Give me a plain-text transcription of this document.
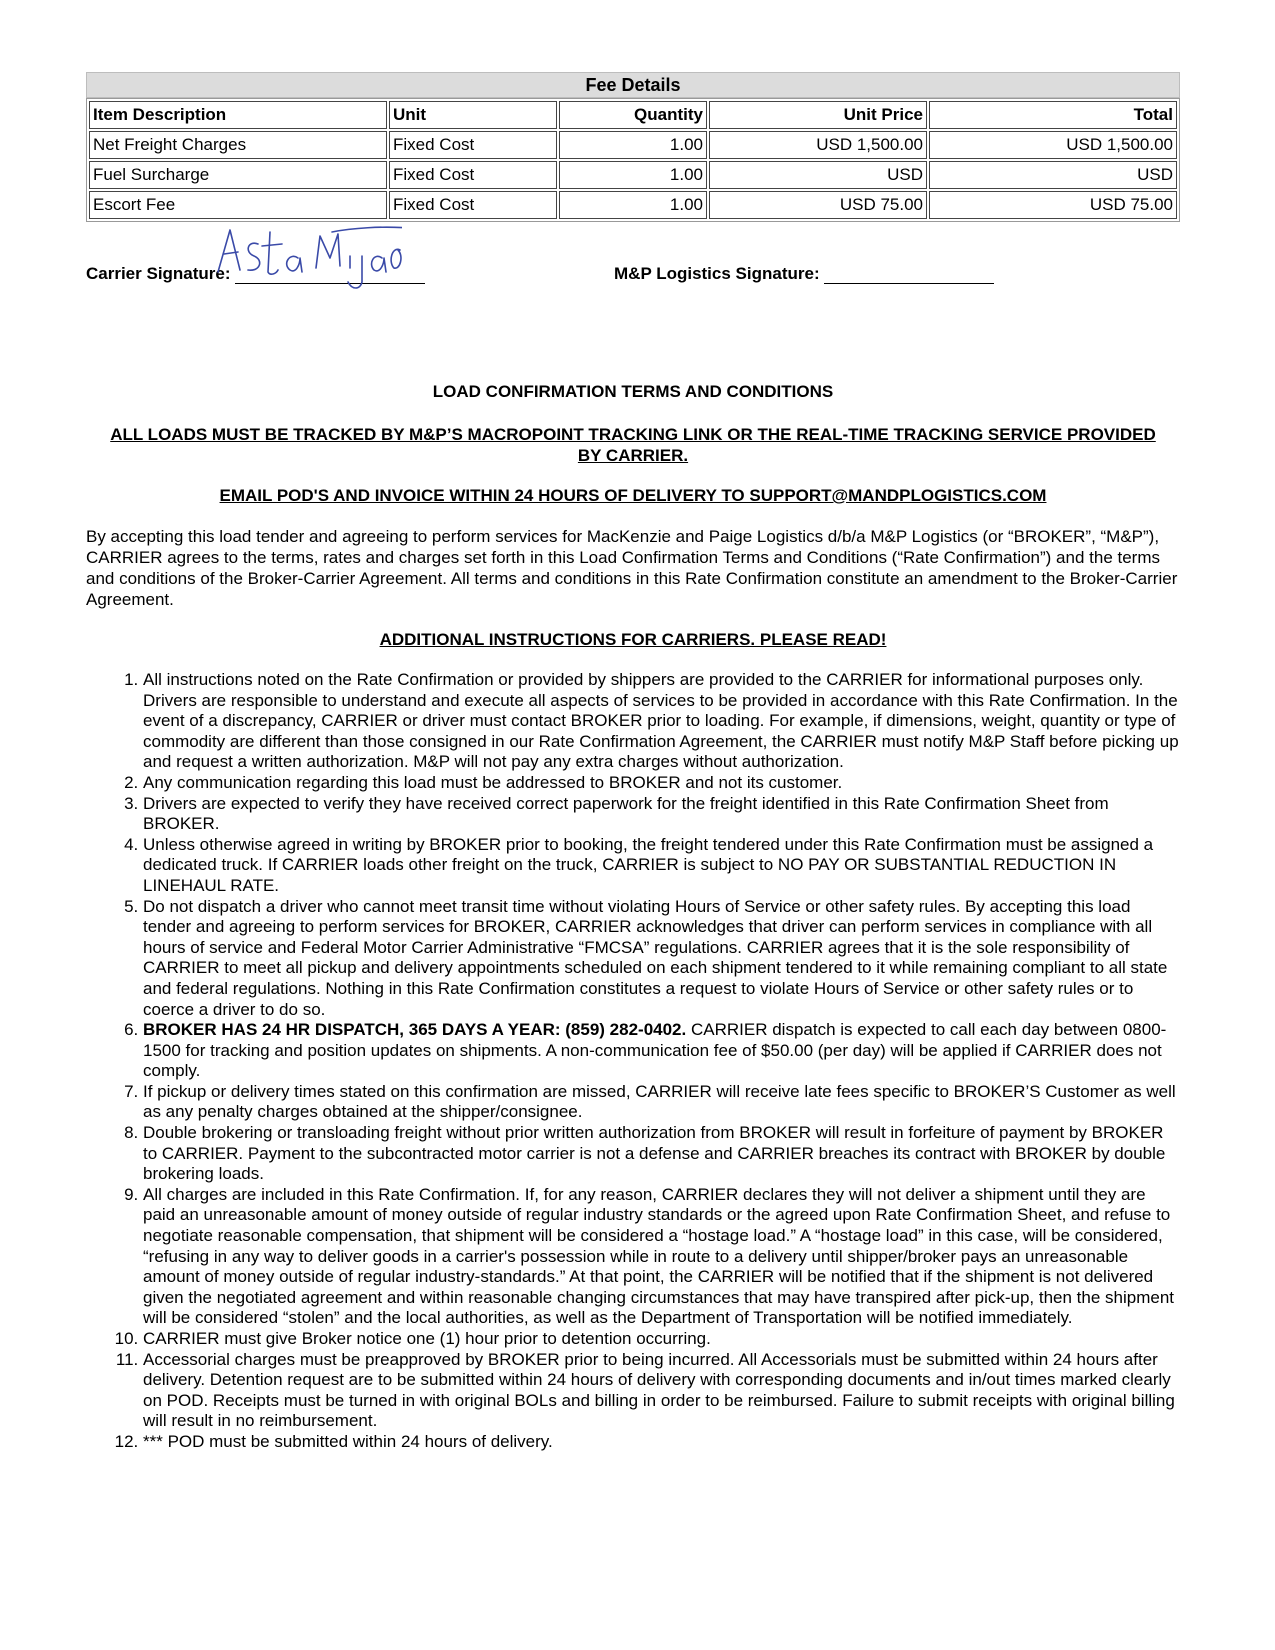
Fee Details
Item Description	Unit	Quantity	Unit Price	Total
Net Freight Charges	Fixed Cost	1.00	USD 1,500.00	USD 1,500.00
Fuel Surcharge	Fixed Cost	1.00	USD	USD
Escort Fee	Fixed Cost	1.00	USD 75.00	USD 75.00
Carrier Signature:	M&P Logistics Signature:
LOAD CONFIRMATION TERMS AND CONDITIONS
ALL LOADS MUST BE TRACKED BY M&P’S MACROPOINT TRACKING LINK OR THE REAL-TIME TRACKING SERVICE PROVIDED BY CARRIER.
EMAIL POD'S AND INVOICE WITHIN 24 HOURS OF DELIVERY TO SUPPORT@MANDPLOGISTICS.COM
By accepting this load tender and agreeing to perform services for MacKenzie and Paige Logistics d/b/a M&P Logistics (or “BROKER”, “M&P”), CARRIER agrees to the terms, rates and charges set forth in this Load Confirmation Terms and Conditions (“Rate Confirmation”) and the terms and conditions of the Broker-Carrier Agreement. All terms and conditions in this Rate Confirmation constitute an amendment to the Broker-Carrier Agreement.
ADDITIONAL INSTRUCTIONS FOR CARRIERS. PLEASE READ!
1. All instructions noted on the Rate Confirmation or provided by shippers are provided to the CARRIER for informational purposes only. Drivers are responsible to understand and execute all aspects of services to be provided in accordance with this Rate Confirmation. In the event of a discrepancy, CARRIER or driver must contact BROKER prior to loading. For example, if dimensions, weight, quantity or type of commodity are different than those consigned in our Rate Confirmation Agreement, the CARRIER must notify M&P Staff before picking up and request a written authorization. M&P will not pay any extra charges without authorization.
2. Any communication regarding this load must be addressed to BROKER and not its customer.
3. Drivers are expected to verify they have received correct paperwork for the freight identified in this Rate Confirmation Sheet from BROKER.
4. Unless otherwise agreed in writing by BROKER prior to booking, the freight tendered under this Rate Confirmation must be assigned a dedicated truck. If CARRIER loads other freight on the truck, CARRIER is subject to NO PAY OR SUBSTANTIAL REDUCTION IN LINEHAUL RATE.
5. Do not dispatch a driver who cannot meet transit time without violating Hours of Service or other safety rules. By accepting this load tender and agreeing to perform services for BROKER, CARRIER acknowledges that driver can perform services in compliance with all hours of service and Federal Motor Carrier Administrative “FMCSA” regulations. CARRIER agrees that it is the sole responsibility of CARRIER to meet all pickup and delivery appointments scheduled on each shipment tendered to it while remaining compliant to all state and federal regulations. Nothing in this Rate Confirmation constitutes a request to violate Hours of Service or other safety rules or to coerce a driver to do so.
6. BROKER HAS 24 HR DISPATCH, 365 DAYS A YEAR: (859) 282-0402. CARRIER dispatch is expected to call each day between 0800-1500 for tracking and position updates on shipments. A non-communication fee of $50.00 (per day) will be applied if CARRIER does not comply.
7. If pickup or delivery times stated on this confirmation are missed, CARRIER will receive late fees specific to BROKER’S Customer as well as any penalty charges obtained at the shipper/consignee.
8. Double brokering or transloading freight without prior written authorization from BROKER will result in forfeiture of payment by BROKER to CARRIER. Payment to the subcontracted motor carrier is not a defense and CARRIER breaches its contract with BROKER by double brokering loads.
9. All charges are included in this Rate Confirmation. If, for any reason, CARRIER declares they will not deliver a shipment until they are paid an unreasonable amount of money outside of regular industry standards or the agreed upon Rate Confirmation Sheet, and refuse to negotiate reasonable compensation, that shipment will be considered a “hostage load.” A “hostage load” in this case, will be considered, “refusing in any way to deliver goods in a carrier's possession while in route to a delivery until shipper/broker pays an unreasonable amount of money outside of regular industry-standards.” At that point, the CARRIER will be notified that if the shipment is not delivered given the negotiated agreement and within reasonable changing circumstances that may have transpired after pick-up, then the shipment will be considered “stolen” and the local authorities, as well as the Department of Transportation will be notified immediately.
10. CARRIER must give Broker notice one (1) hour prior to detention occurring.
11. Accessorial charges must be preapproved by BROKER prior to being incurred. All Accessorials must be submitted within 24 hours after delivery. Detention request are to be submitted within 24 hours of delivery with corresponding documents and in/out times marked clearly on POD. Receipts must be turned in with original BOLs and billing in order to be reimbursed. Failure to submit receipts with original billing will result in no reimbursement.
12. *** POD must be submitted within 24 hours of delivery.
